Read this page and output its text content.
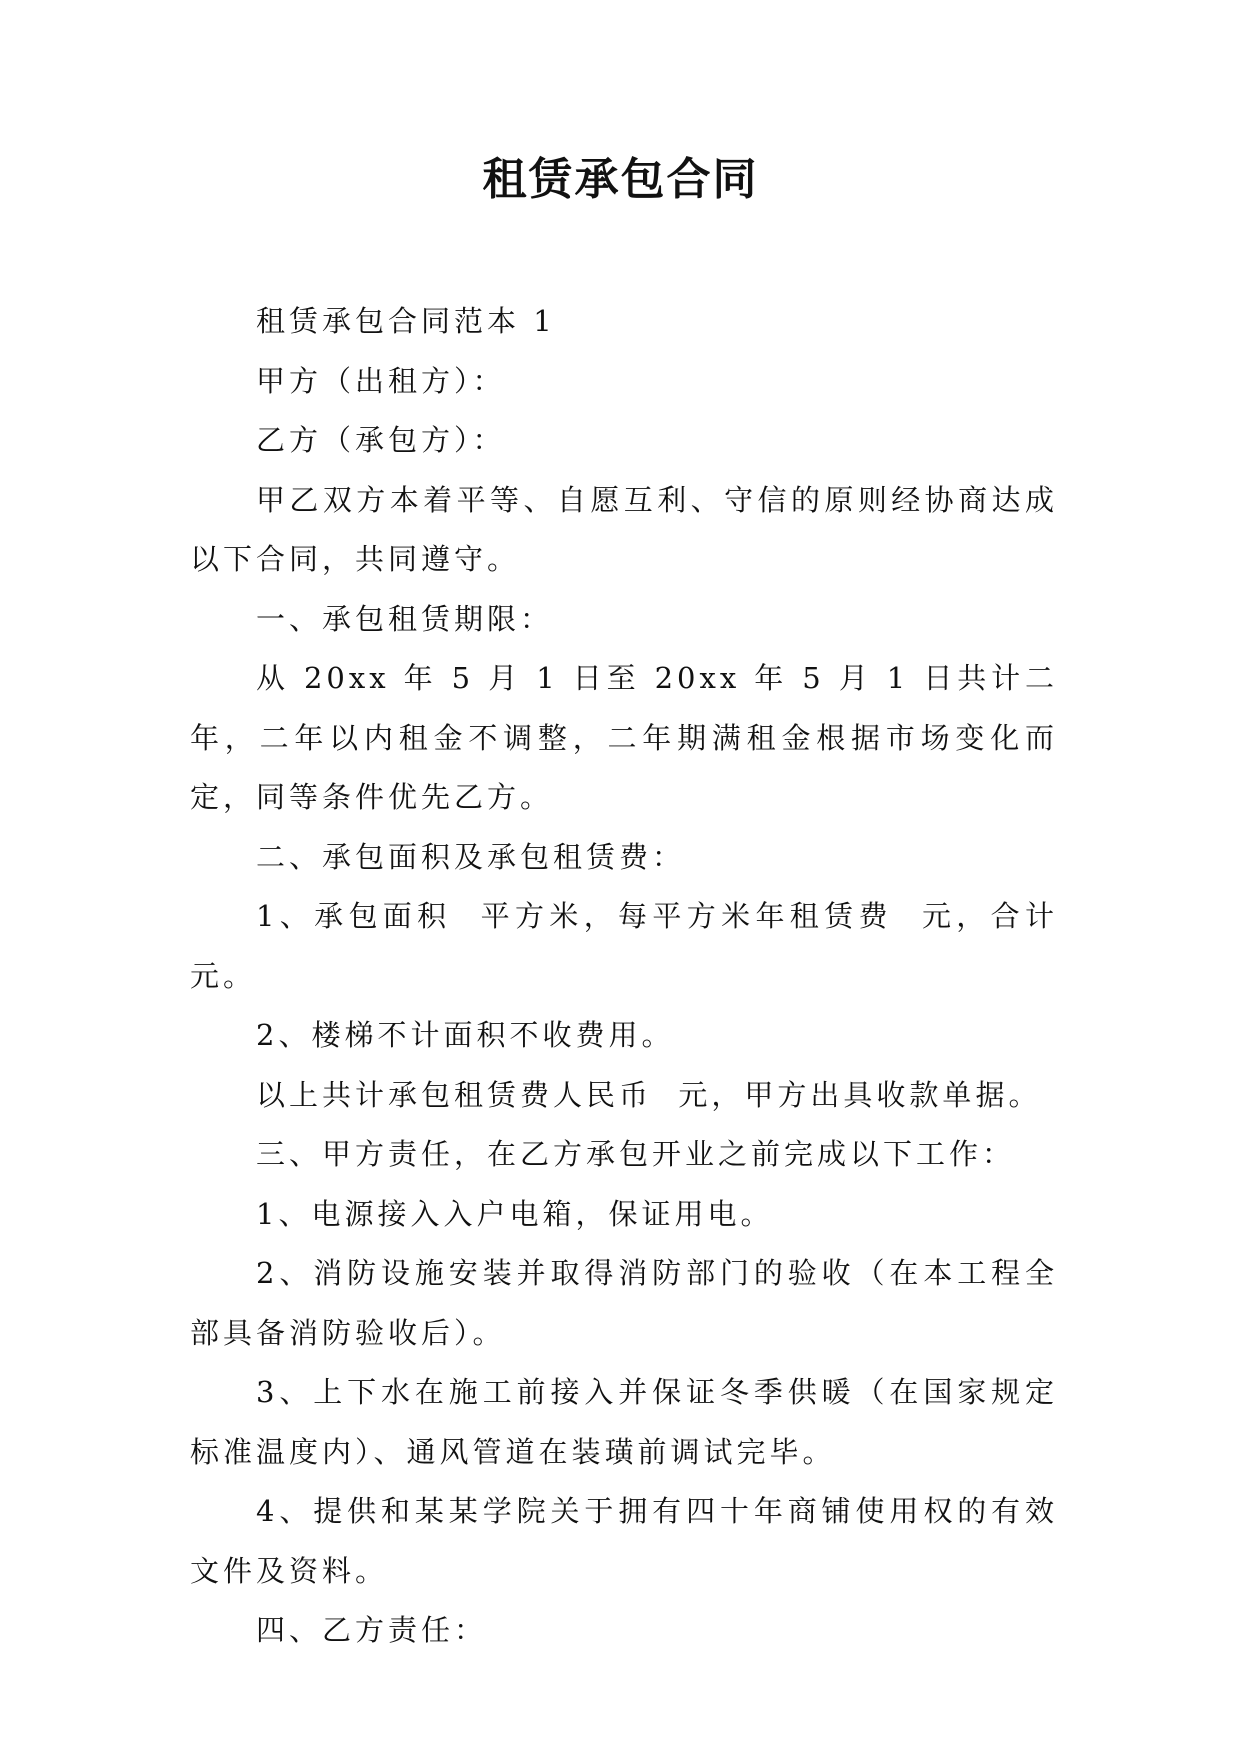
租赁承包合同

租赁承包合同范本 1

甲方（出租方）：

乙方（承包方）：

甲乙双方本着平等、自愿互利、守信的原则经协商达成以下合同，共同遵守。

一、承包租赁期限：

从 20xx 年 5 月 1 日至 20xx 年 5 月 1 日共计二年，二年以内租金不调整，二年期满租金根据市场变化而定，同等条件优先乙方。

二、承包面积及承包租赁费：

1、承包面积  平方米，每平方米年租赁费  元，合计  元。

2、楼梯不计面积不收费用。

以上共计承包租赁费人民币  元，甲方出具收款单据。

三、甲方责任，在乙方承包开业之前完成以下工作：

1、电源接入入户电箱，保证用电。

2、消防设施安装并取得消防部门的验收（在本工程全部具备消防验收后）。

3、上下水在施工前接入并保证冬季供暖（在国家规定标准温度内）、通风管道在装璜前调试完毕。

4、提供和某某学院关于拥有四十年商铺使用权的有效文件及资料。

四、乙方责任：
